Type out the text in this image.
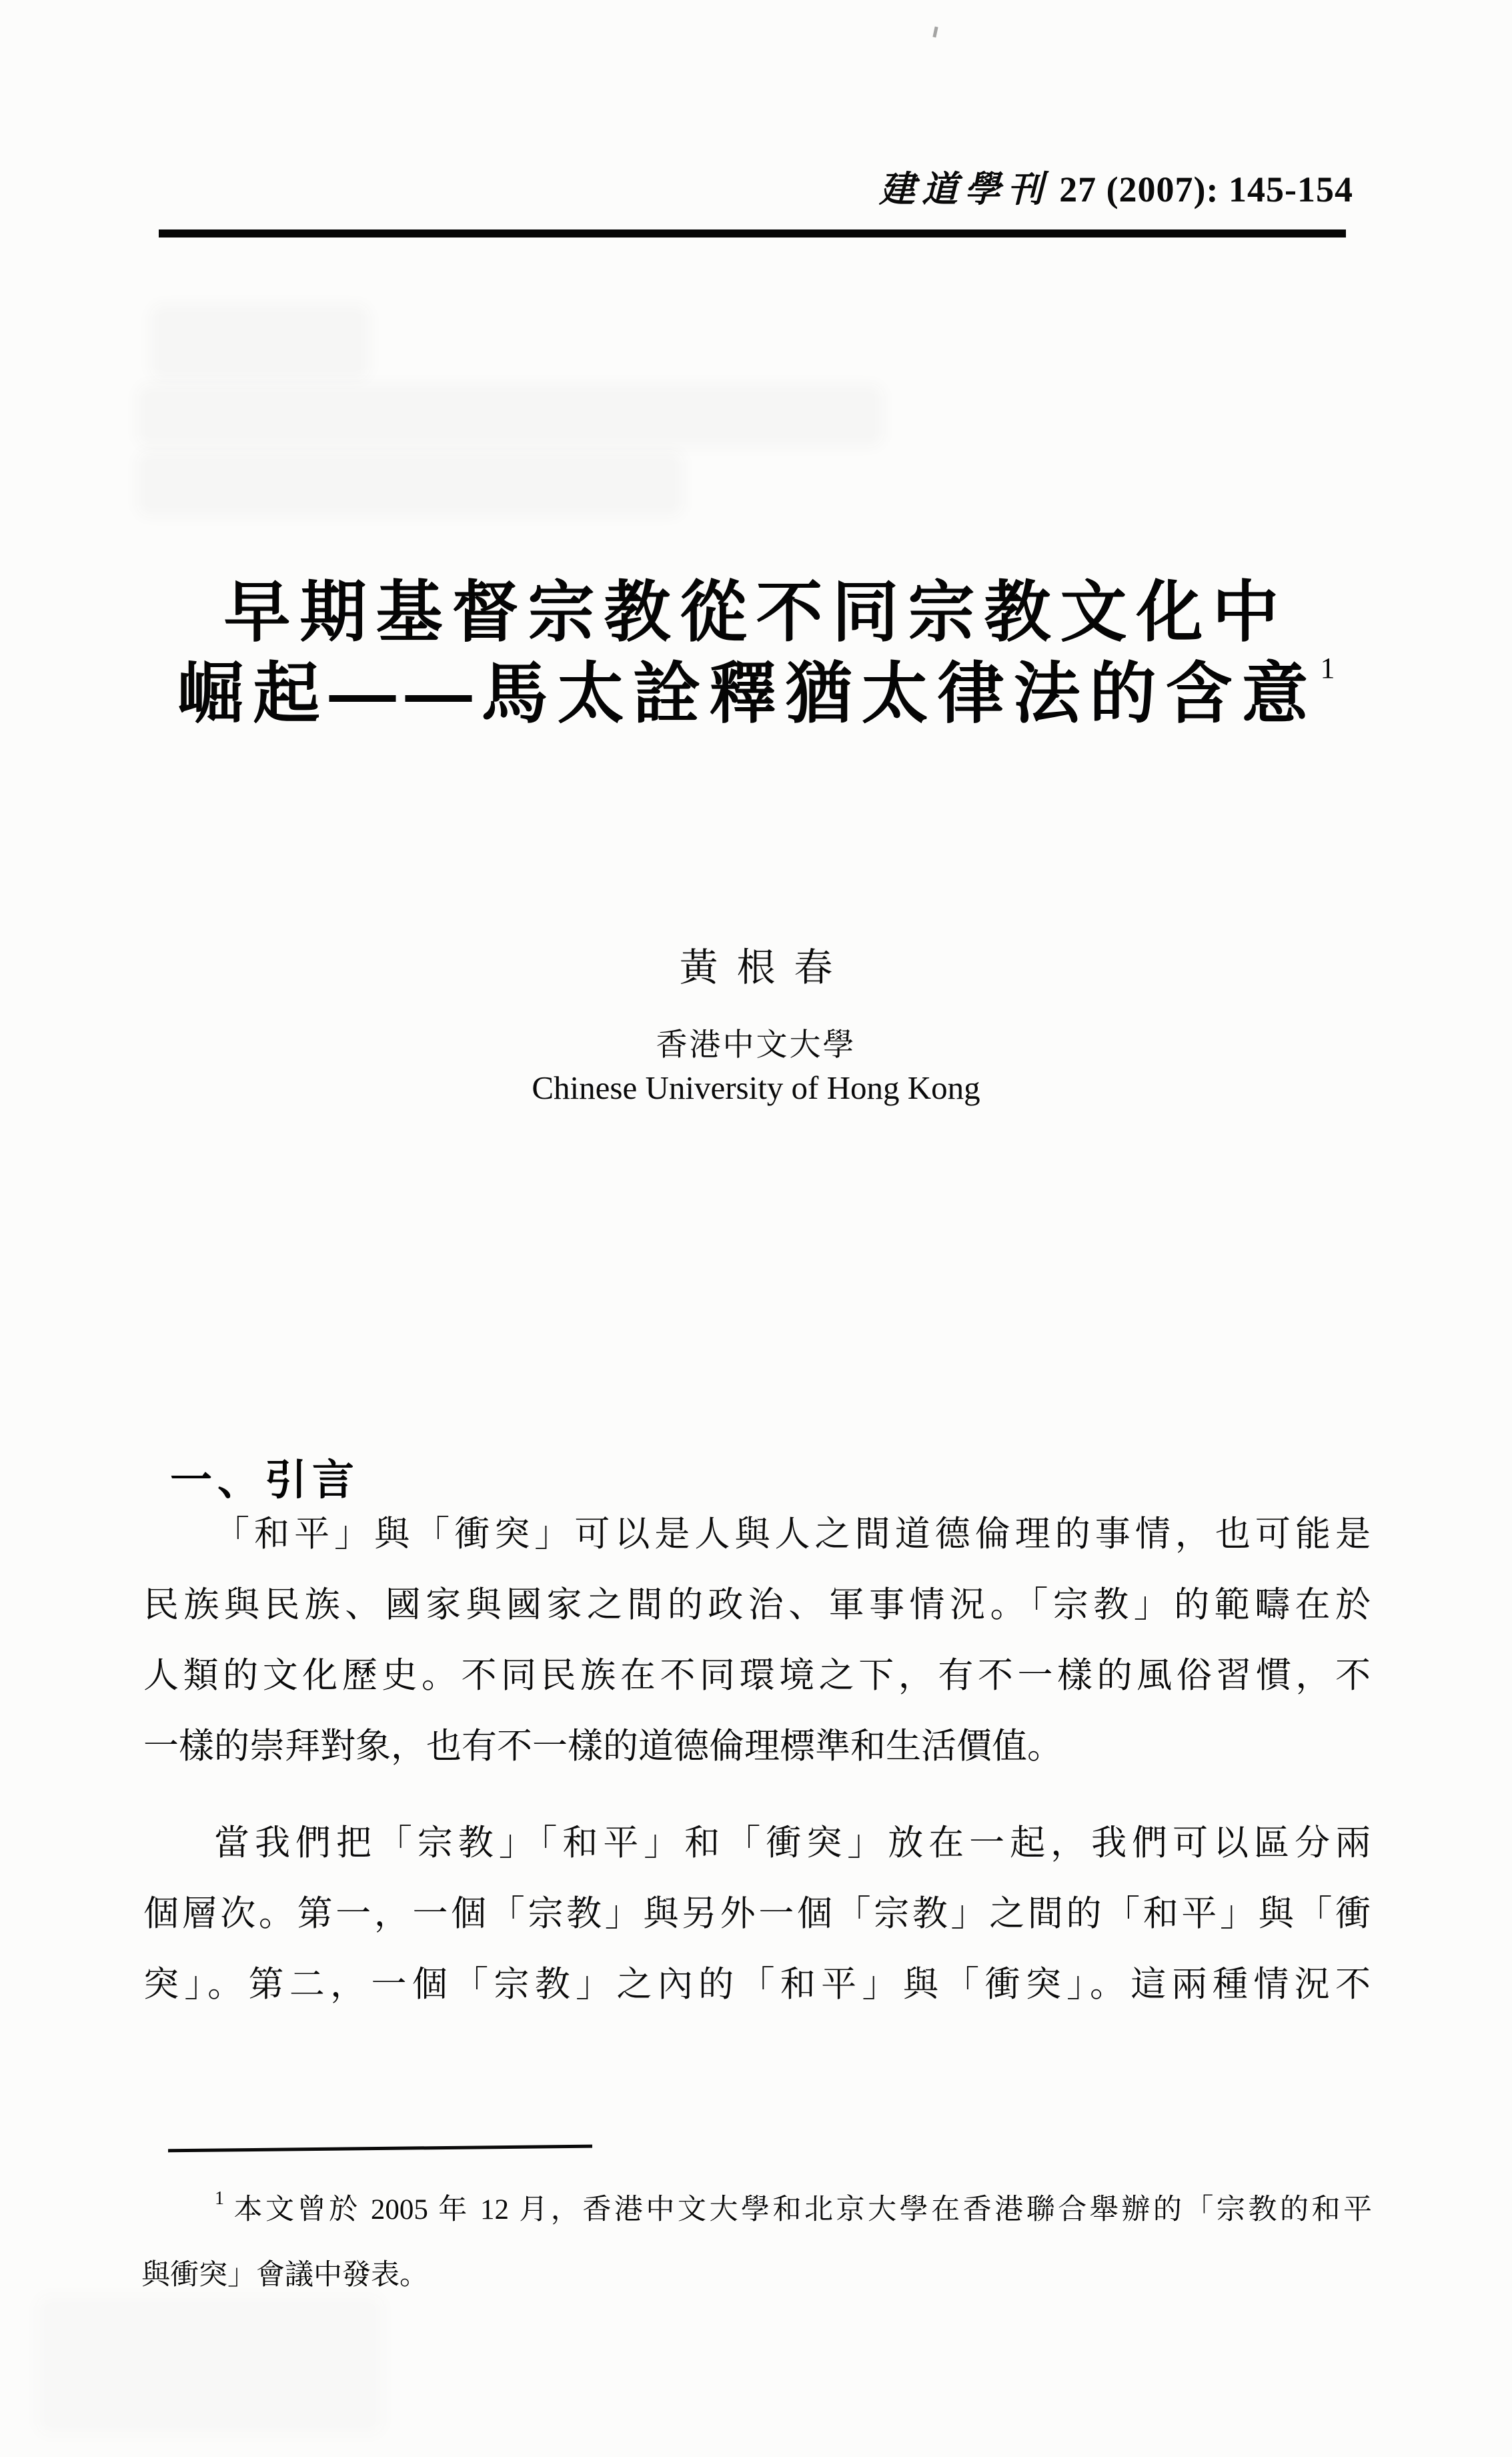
建道學刊 27 (2007): 145-154
早期基督宗教從不同宗教文化中
崛起——馬太詮釋猶太律法的含意$^1$
黃根春
香港中文大學
Chinese University of Hong Kong
一、引言
「和平」與「衝突」可以是人與人之間道德倫理的事情，也可能是
民族與民族、國家與國家之間的政治、軍事情況。「宗教」的範疇在於
人類的文化歷史。不同民族在不同環境之下，有不一樣的風俗習慣，不
一樣的崇拜對象，也有不一樣的道德倫理標準和生活價值。
當我們把「宗教」「和平」和「衝突」放在一起，我們可以區分兩
個層次。第一，一個「宗教」與另外一個「宗教」之間的「和平」與「衝
突」。第二，一個「宗教」之內的「和平」與「衝突」。這兩種情況不
$^1$ 本文曾於 2005 年 12 月，香港中文大學和北京大學在香港聯合舉辦的「宗教的和平
與衝突」會議中發表。
